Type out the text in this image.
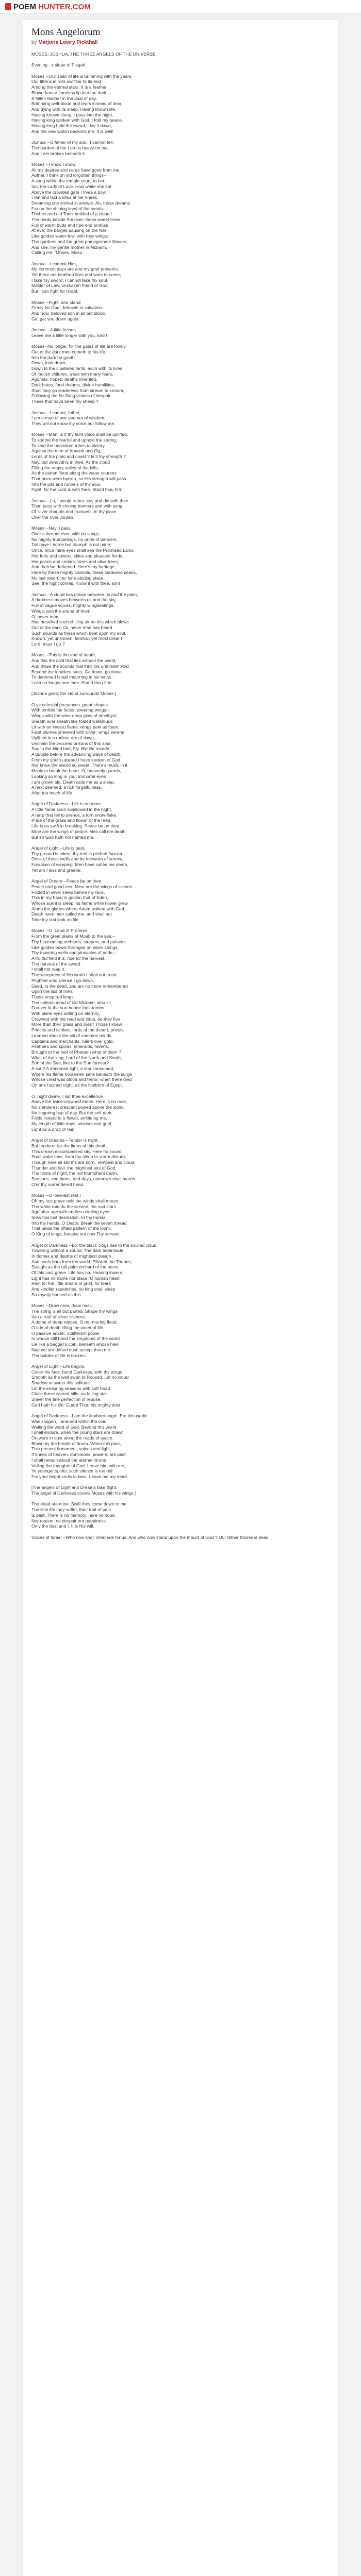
POEM HUNTER.COM
Mons Angelorum
by Marjorie Lowry Pickthall
MOSES, JOSHUA, THE THREE ANGELS OF THE UNIVERSE
Evening : a slope of Pisgah
Moses --Our span of life is brimming with the years,
Our little sun rolls swiftlier to its end
Among the eternal stars. It is a feather
Blown from a careless lip into the dark.
A fallen feather in the dust of day,
Brimming well-blood and tears instead of dew,
And dying with its sleep. Having known life,
Having known sleep, I pass into the night,
Having long spoken with God, I fold my peace,
Having long held the sword, I lay it down,
And the new watch beckons me. It is well!
Joshua --O father of my soul, I cannot tell.
The burden of the Lord is heavy on me,
And I am broken beneath it.
Moses --I know I know,
All my desires and cares have gone from me.
Aother. I think on old forgotten things--
A song within the temple court, to her,
Ion, the Lady of Love. How white she sat
Above the crowded gate ! Irvea a boy;
I ran and laid a lotus at her knees,
Dreaming she smiled in answer. Ah, those dreams
Far on the shining level of the sands--
Thebes and old Tanis builded of a cloud !
The reeds beside the river; those sweet trees
Full of warm buds and ripe and profuse
At eve; the barges pausing on the Nile
Like golden water-fowl with rosy wings;
The gardens and the great pomegranate flowers,
And she, my gentle mother in Mizraim,
Calling me, 'Moses, Mosu.'
Joshua --I commit Him,
My common days are and my grief prevents.
Yet there are heathen fires and wars to come;
I take thy sword; I cannot take thy soul,
Master of Law, unshaken friend of God,
But I can fight for Israel.
Moses --Fight, and stand
Firmly for God. Jehovah is salvation.
And now, beloved son in all but blood,
Go, get you down again.
Joshua --A little lesser;
Leave me a little longer with you, lord !
Moses--No longer, for the gates of life are lonely.
Out of the dark men cometh to his life,
Into the dark he goeth.
Down, look down,
Down to the clustered tents, each with its lives
Of foolish children, weak with many fears,
Agonies, hopes, deaths inherited,
Dark hates, fond dreams, divine humilities,
Shall they go leaderless from stream to stream,
Following the far-flung visions of despair,
These that have been thy sheep ?
Joshua --I cannot, father,
I am a man of war and not of wisdom.
They will not know my voice nor follow me.
Moses --Man, is it thy faint voice shall be uplifted,
To soothe the fearful and uphold the strong,
To lead the unshaken tribes to victory
Against the men of Amalek and Og,
Lords of the plain and coast ? Is it thy strength ?
Nay, but Jehovah's in thee. As the cloud
Filling the empty valley of the hills,
As the ashen flood along the water courses
That once were barren, so His strength will pass
Into the pits and runnels of thy soul.
Fight, for the Lord is with thee. Stand thou firm.
Joshua --Lo, I would rather stay and die with thee
Than pass with shining banners and with song
Of silver chariots and trumpets, in thy place
Over the river Jordan.
Moses --Nay, I pass
Over a deeper river, with no songs,
No mighty trumpetings, no pride of banners.
Toil have I borne but triumph is not mine;
Once, once mine eyes shall see the Promised Land,
Her forts and towers, cities and pleasant fields,
Her palms and cedars, vines and olive trees,
And then be darkened. Here's my heritage,
Here by these mighty chariots, these Gadwerd peaks,
My last resort, my lone abiding place.
See, the night comes. Know it with thee, son!
Joshua --A cloud has drawn between us and the plain,
A darkness moves between us and the sky,
Full of vague voices, mighty wingbeatings,
Wings, and the sound of them.
O, never man
Has breathed such chilling air as this which blows
Out of the dark. Or, never man has heard
Such sounds as these which beat upon my soul,
Known, yet unknown, familiar, yet most drear !
Lord, must I go ?
Moses --This is the end of death,
And this the cold that lies without the world,
And these the sounds that thrill the unmoden void
Beyond the loneliest stars. Go down, go down
To darkened Israel mourning in his tents;
I can no longer see thee. Stand thou firm.
[Joshua goes; the cloud surrounds Moses.]
O ye celestial presences, great shapes
With terrible fair faces, towering wings;--
Wings with the wine-deep glow of amethyst,
Sheath over sheath like folded waterbuds
Lit with an inward flame; wings pale as foam,
Faint plumes sheened with silver; wings serene
Uplifted in a radiant arc of dawn;--
Unchain the proceed prisons of this soul,
Say to the blind bird, Fly. Bid life recede,
A bubble before the advancing wave of death.
From my youth upward I have spoken of God,
Nor knew the sword so sweet. There's music in it,
Music to break the heart. O, heavenly guards,
Looking so long in your immortal eyes
I am grown old. Death calls me as a sleep,
A next deemed, a rich forgetfulness,
After too much of life.
Angel of Darkness --Life is no more.
A little flame soon swallowed in the night,
A harp that fell to silence, a torn snow-flake,
Pride of the grass and flower of the reed,
Life is as swift in breaking. Peace be on thee.
Mine are the wings of peace. Men call me death;
But so God hath not named me.
Angel of Light --Life is past,
Thy ground is taken, thy tent is pitched forever.
Drink of these wells and be forsworn of sorrow,
Forsaken of weeping. Men have called me death,
Yet am I less and greater.
Angel of Dream --Peace be on thee.
Peace and good rest. Mine are the wings of silence
Folded in silver sleep before my face.
This in my hand is golden fruit of Eden,
Whose scent is sleep; its flame white flower grew
Along the glades where Adam walked with God.
Death have men called me, and shall not
Take thy last look on life.
Moses --O, Land of Promise
From the great plains of Moab to the sea,--
Thy blossoming orchards, streams, and palaces
Like golden bowls thronged on silver strings,
Thy towering walls and pinnacles of pride,--
A fruitful field it is, ripe for the harvest,
The harvest of the sword.
I shall not reap it.
The winepress of His wrath I shall not tread.
Plighted unto silence I go down,
Deed, to the dead, and am no more remembered
Upon the lips of men.
Those sceptred kings,
The solemn dead of old Mizraim, who sit
Forever in the sun-bonde their tombs,
With blank eyes setting on eternity,
Crowned with the reed and lotus, do they live
More than their grass and lilies? Those I knew,
Princes and scribes, lords of the desert, priests
Learned above the wit of common minds,
Captains and merchants, rulers over gold,
Feathers and spices, emeralds, ravens,
Brought to the feet of Pharaoh what of them ?
What of the king, Lord of the North and South,
Son of the Sun, like to the Sun forever?
A sun? A darkened light, a star consumed,
Where his flame horsemen sank beneath the surge
Whose crest was blood and terror; when there died
On one hushed night, all the firstborn of Egypt.
O, night divine, I sat thee excellence
Above the twice-crowned moon. Here is no rose,
No slenderest crescent poised above the world,
No lingering hue of day. But the soft dark
Folds inward to a flower, enfolding me,
My length of little days, wisdom and grief,
Light as a drop of rain.
Angel of Dreams --Tender is night,
But tenderer far the limbs of this death,
This dream encompassed city. Here no sound
Shall wake thee, from thy sleep to storm disturb,
Though here all storms are born. Tempest and cloud,
Thunder and hail, the mightiest airs of God,
The hosts of night, the hot triumphant dawn,
Seasons, and times, and days, unknown shall march
O'er thy surrendered head.
Moses --O loneliest rest !
Oh my lost grave only the winds shall mourn,
The white rain do the service, the sad stars
Age after age with endless circling eyes
Slew this lost desolation. In thy hands,
Into thy hands, O Death, Break the seven thread
That binds the riftled pattern of the loom.
O King of kings, forsake not now Thy servant.
Angel of Darkness --Lo, the black clogs rise to the soulled cloud,
Towering without a sound. The dark tabernacle
In domes and depths of mightiest design
And seals bars from the world. Pillared the Thebes,
Straight as the tall palm orchard of the nests.
Of this vast grave. Life has no, Hearing lowers,
Light has no name nor place. O human heart,
Rest for the little dream of grief, for tears
And kindlier rapaltches, no king shall sleep
So royally housed as this.
Moses --Draw near, draw near,
The string is all but parted. Shape thy wings
Into a roof of silver silences,
A dome of deep repose. O murmuring flood,
O tide of death lifting the weed of life,
O passive arbiter, indifferent power
In whose still hand the kingdoms of the world
Lie like a beggar's coin, beneath whose heel
Nations are drifted dust, accept thou me.
The bubble of life is broken.
Angel of Light --Life begins.
Cover his face, bend Darkness, with thy wings
Smooth as the well swan to Roused. Let no cloud
Shadow to sweet this solitude
Let the enduring seasons with soft tread
Circle these sacred hills, no falling star
Shiver the fine perfection of repose.
God hath his life. Guard Thou his mighty dust.
Angel of Darkness --I am the firstborn angel. Ere this world
Was shapen, I endured within the void
Waiting the word of God. Beyond this world
I shall endure, when the young stars are drawn
Outworn in dust along the roads of space.
Blown by the breath of doom. When this plan,
This present firmament, voices and light,
If knees of heaven, dominions, powers, are past,
I shall remain about the eternal throne
Veiling the thoughts of God. Leave him with me,
Ye younger spirits; such silence is too old
For your bright souls to bear. Leave me my dead.
[The angels of Light and Dreams take flight.
The angel of Darkness covers Moses with his wings.]
The dead are mine. Swift they come down to me.
The little life they suffer, their fruit of pain
Is past. There is no memory, here no hope,
Nor reason, no despair nor happiness.
Only the dust and I. It is His will.
Voices of Israel --Who now shall intercede for us, And who now stand upon the mount of God ? Our father Moses is dead.
